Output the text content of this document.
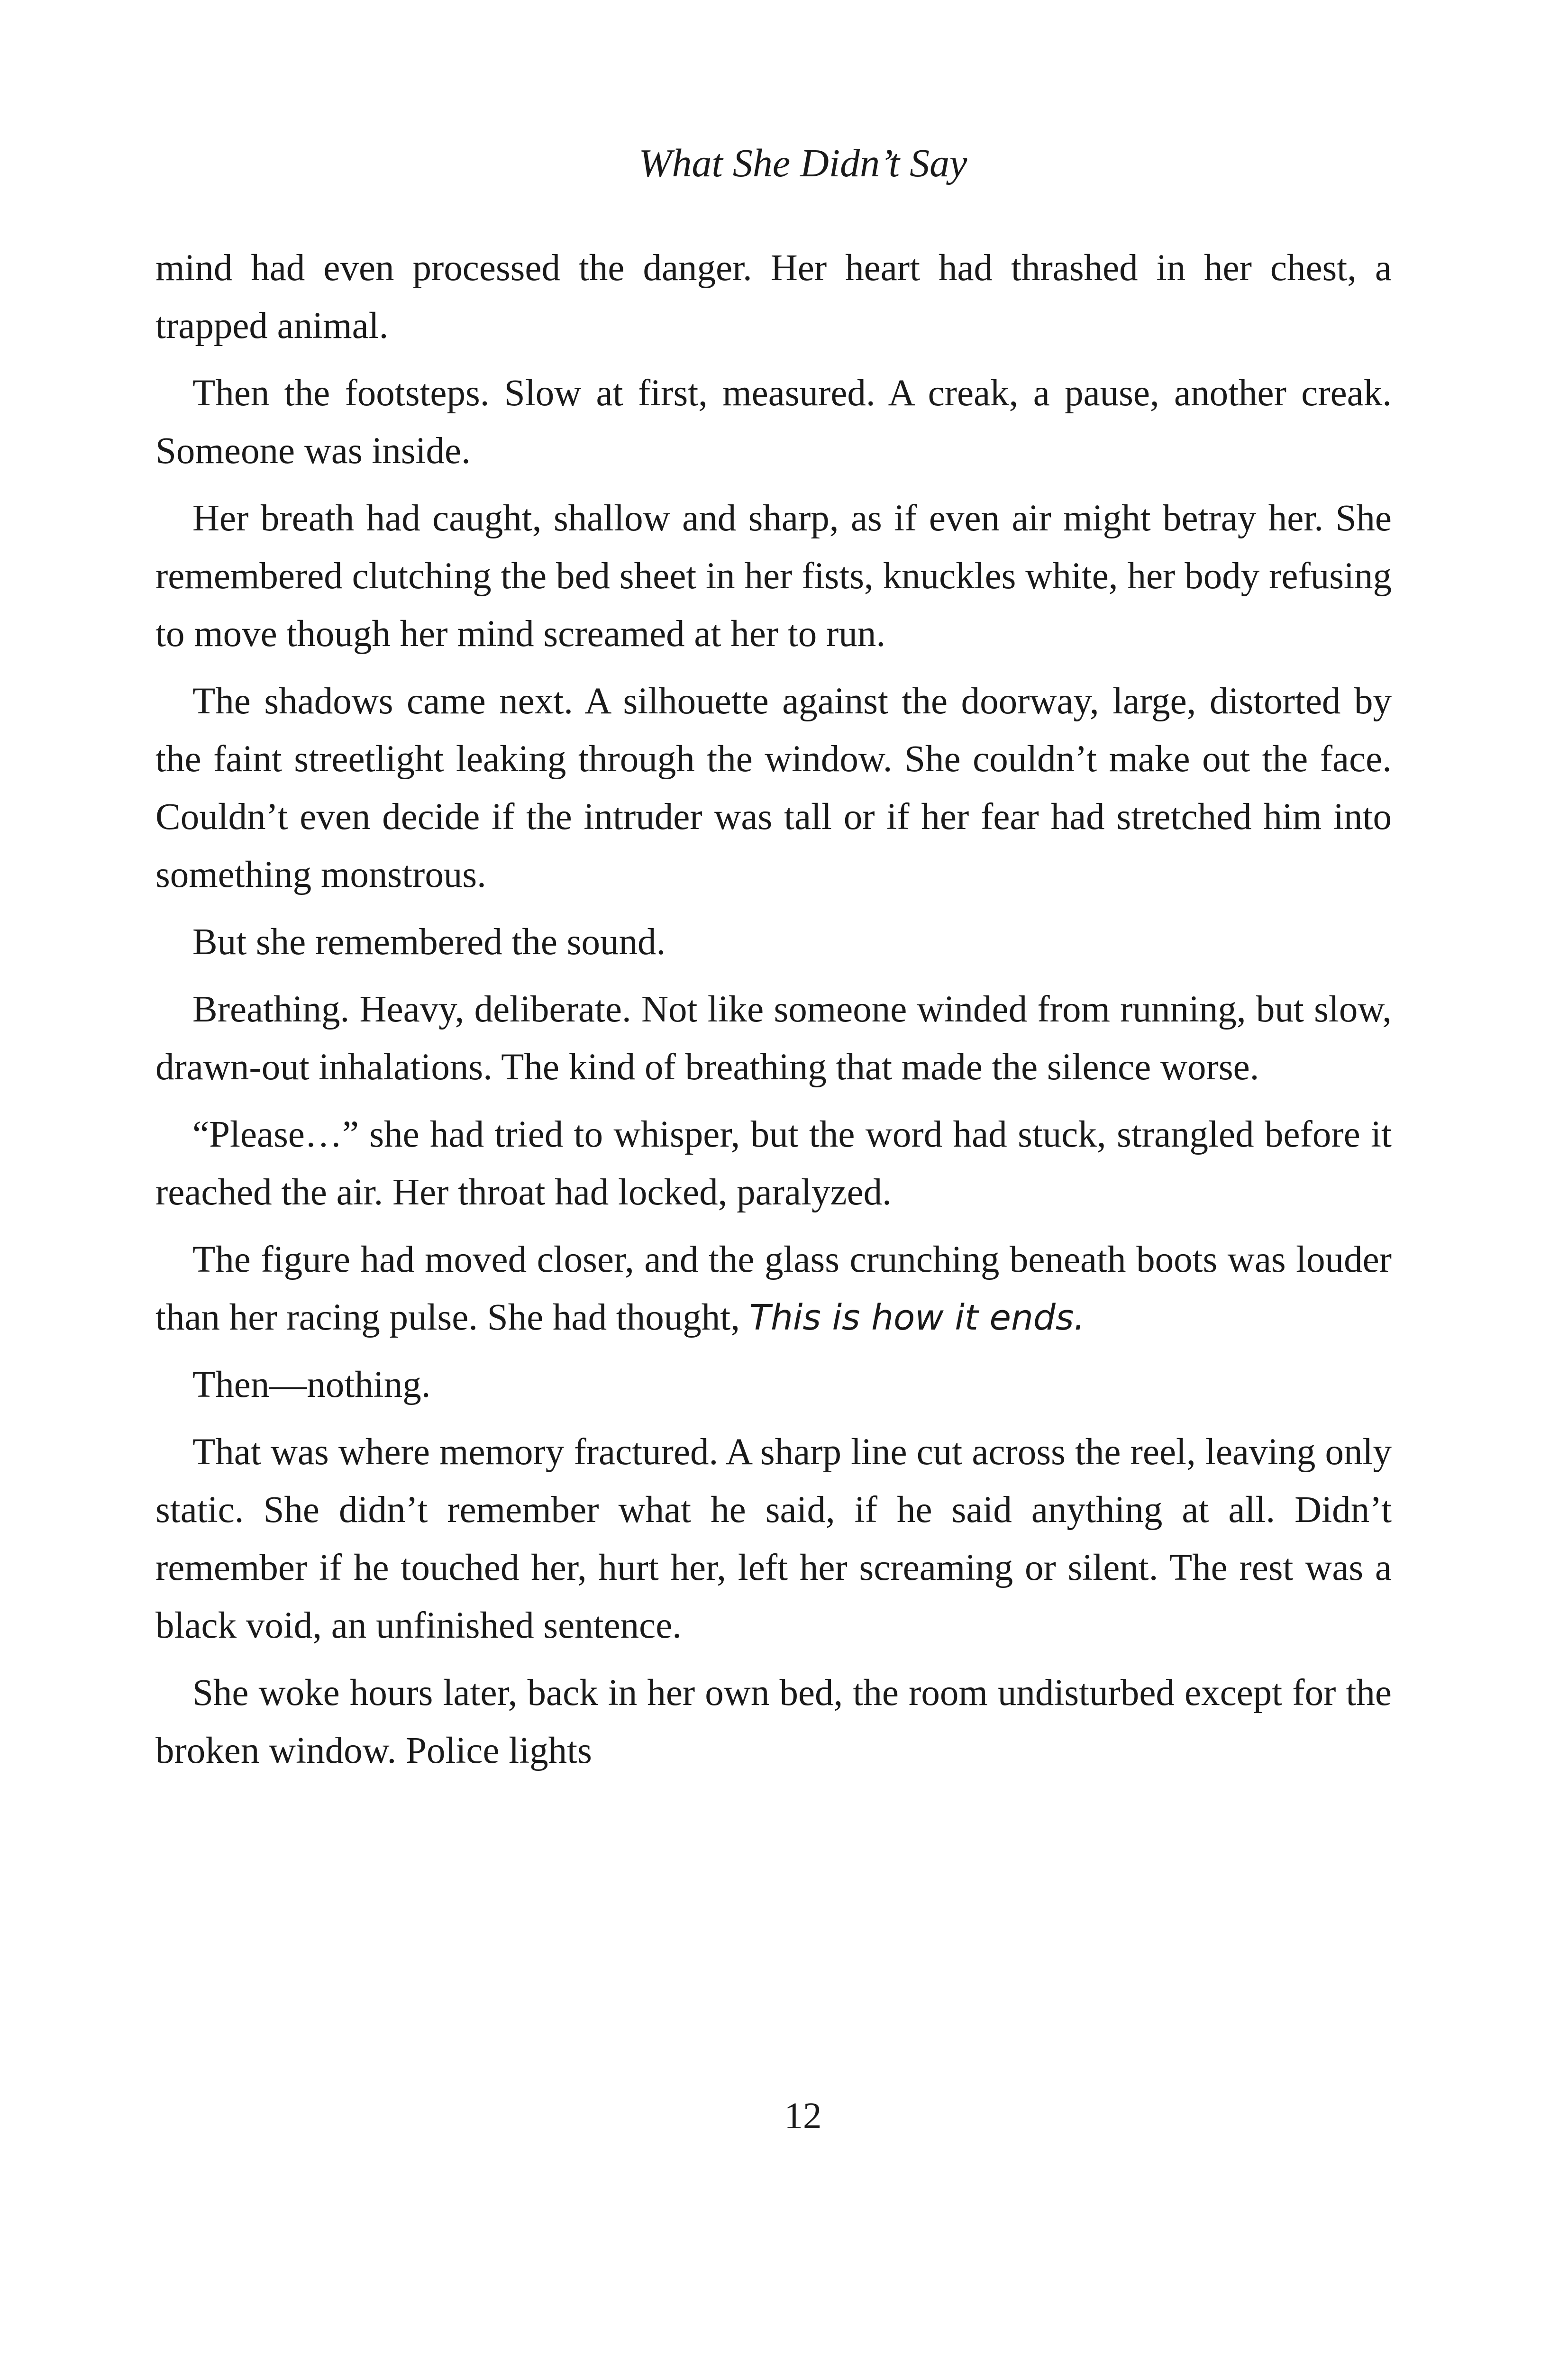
What She Didn’t Say

mind had even processed the danger. Her heart had thrashed in her chest, a trapped animal.

Then the footsteps. Slow at first, measured. A creak, a pause, another creak. Someone was inside.

Her breath had caught, shallow and sharp, as if even air might betray her. She remembered clutching the bed sheet in her fists, knuckles white, her body refusing to move though her mind screamed at her to run.

The shadows came next. A silhouette against the doorway, large, distorted by the faint streetlight leaking through the window. She couldn’t make out the face. Couldn’t even decide if the intruder was tall or if her fear had stretched him into something monstrous.

But she remembered the sound.

Breathing. Heavy, deliberate. Not like someone winded from running, but slow, drawn-out inhalations. The kind of breathing that made the silence worse.

“Please…” she had tried to whisper, but the word had stuck, strangled before it reached the air. Her throat had locked, paralyzed.

The figure had moved closer, and the glass crunching beneath boots was louder than her racing pulse. She had thought, This is how it ends.

Then—nothing.

That was where memory fractured. A sharp line cut across the reel, leaving only static. She didn’t remember what he said, if he said anything at all. Didn’t remember if he touched her, hurt her, left her screaming or silent. The rest was a black void, an unfinished sentence.

She woke hours later, back in her own bed, the room undisturbed except for the broken window. Police lights

12
